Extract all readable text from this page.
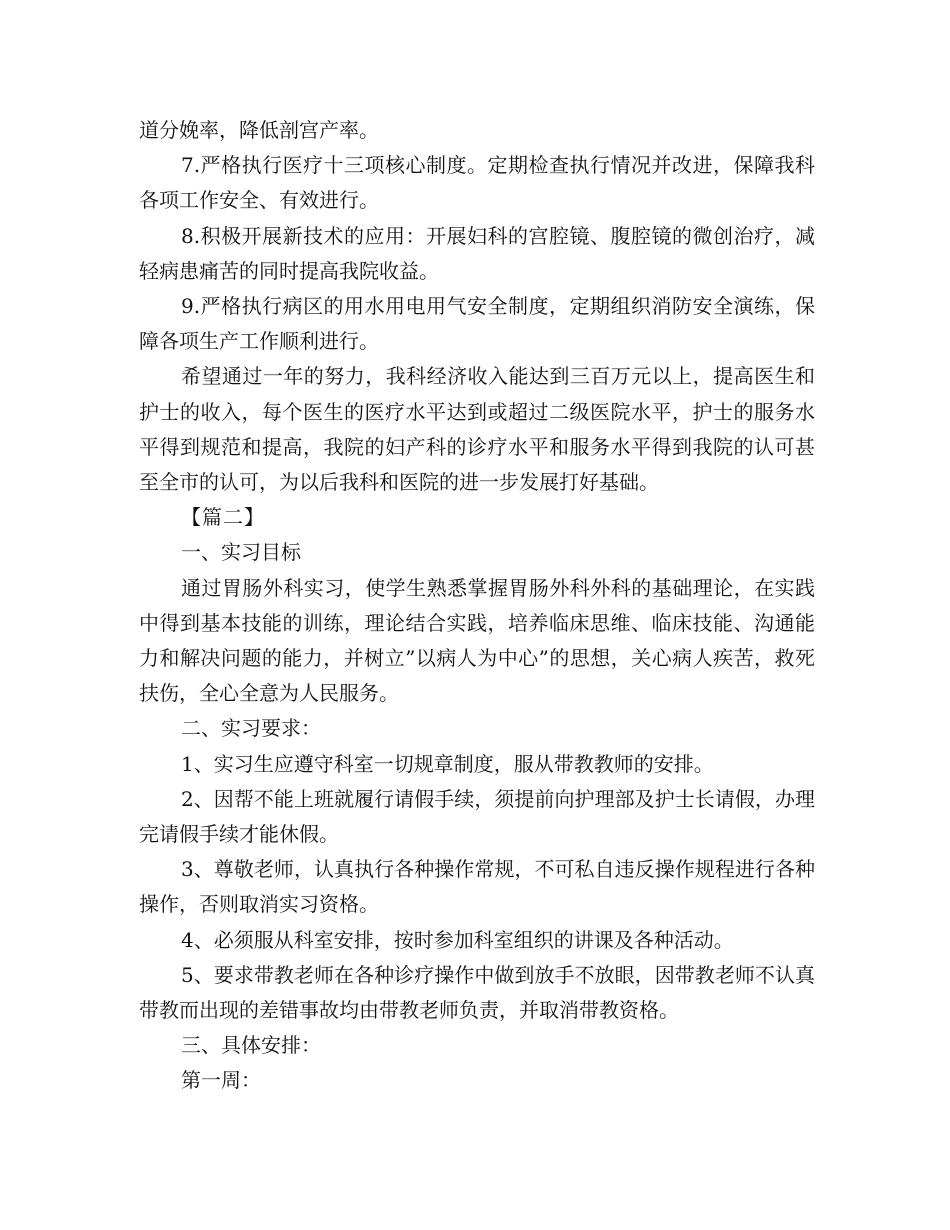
道分娩率，降低剖宫产率。

7.严格执行医疗十三项核心制度。定期检查执行情况并改进，保障我科各项工作安全、有效进行。

8.积极开展新技术的应用：开展妇科的宫腔镜、腹腔镜的微创治疗，减轻病患痛苦的同时提高我院收益。

9.严格执行病区的用水用电用气安全制度，定期组织消防安全演练，保障各项生产工作顺利进行。

希望通过一年的努力，我科经济收入能达到三百万元以上，提高医生和护士的收入，每个医生的医疗水平达到或超过二级医院水平，护士的服务水平得到规范和提高，我院的妇产科的诊疗水平和服务水平得到我院的认可甚至全市的认可，为以后我科和医院的进一步发展打好基础。

【篇二】

一、实习目标

通过胃肠外科实习，使学生熟悉掌握胃肠外科外科的基础理论，在实践中得到基本技能的训练，理论结合实践，培养临床思维、临床技能、沟通能力和解决问题的能力，并树立”以病人为中心”的思想，关心病人疾苦，救死扶伤，全心全意为人民服务。

二、实习要求：

1、实习生应遵守科室一切规章制度，服从带教教师的安排。

2、因帮不能上班就履行请假手续，须提前向护理部及护士长请假，办理完请假手续才能休假。

3、尊敬老师，认真执行各种操作常规，不可私自违反操作规程进行各种操作，否则取消实习资格。

4、必须服从科室安排，按时参加科室组织的讲课及各种活动。

5、要求带教老师在各种诊疗操作中做到放手不放眼，因带教老师不认真带教而出现的差错事故均由带教老师负责，并取消带教资格。

三、具体安排：

第一周：
